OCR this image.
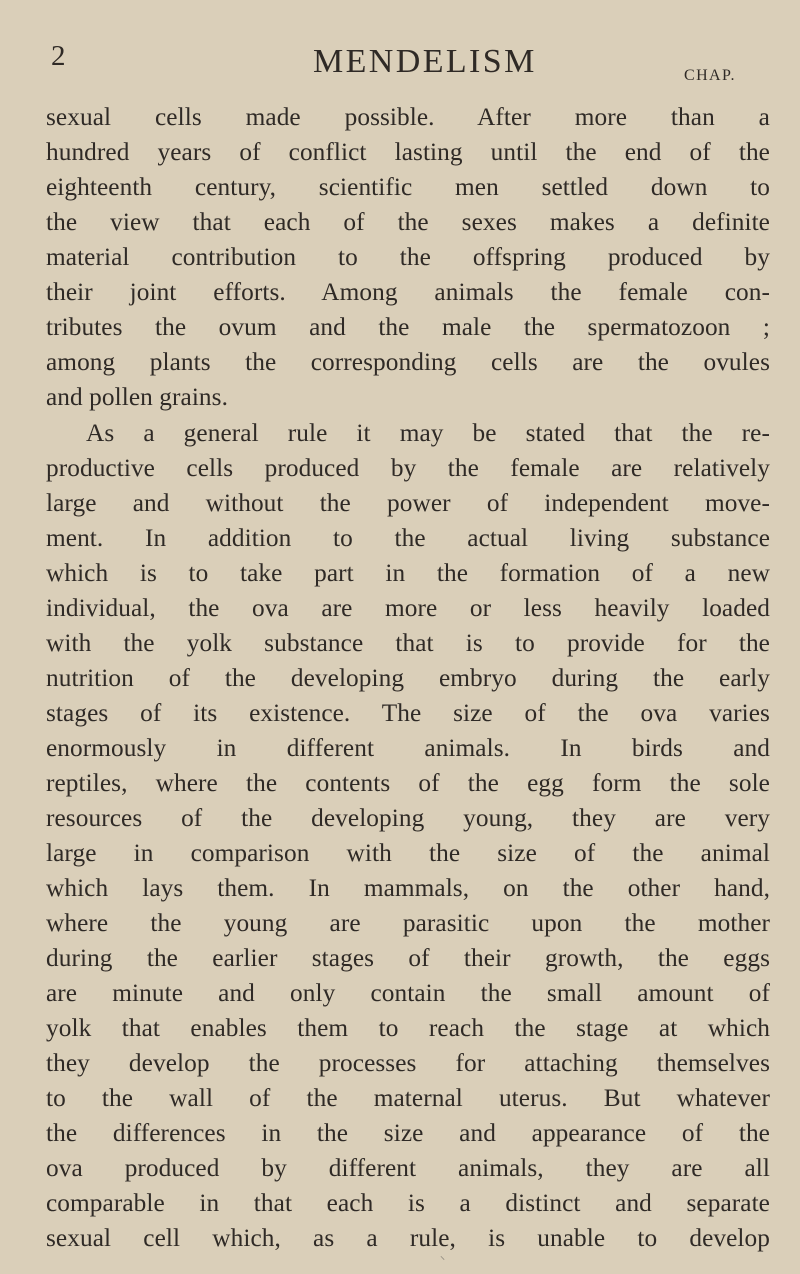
2	MENDELISM	CHAP.
sexual cells made possible. After more than a
hundred years of conflict lasting until the end of the
eighteenth century, scientific men settled down to
the view that each of the sexes makes a definite
material contribution to the offspring produced by
their joint efforts. Among animals the female con-
tributes the ovum and the male the spermatozoon ;
among plants the corresponding cells are the ovules
and pollen grains.
As a general rule it may be stated that the re-
productive cells produced by the female are relatively
large and without the power of independent move-
ment. In addition to the actual living substance
which is to take part in the formation of a new
individual, the ova are more or less heavily loaded
with the yolk substance that is to provide for the
nutrition of the developing embryo during the early
stages of its existence. The size of the ova varies
enormously in different animals. In birds and
reptiles, where the contents of the egg form the sole
resources of the developing young, they are very
large in comparison with the size of the animal
which lays them. In mammals, on the other hand,
where the young are parasitic upon the mother
during the earlier stages of their growth, the eggs
are minute and only contain the small amount of
yolk that enables them to reach the stage at which
they develop the processes for attaching themselves
to the wall of the maternal uterus. But whatever
the differences in the size and appearance of the
ova produced by different animals, they are all
comparable in that each is a distinct and separate
sexual cell which, as a rule, is unable to develop
⸜
